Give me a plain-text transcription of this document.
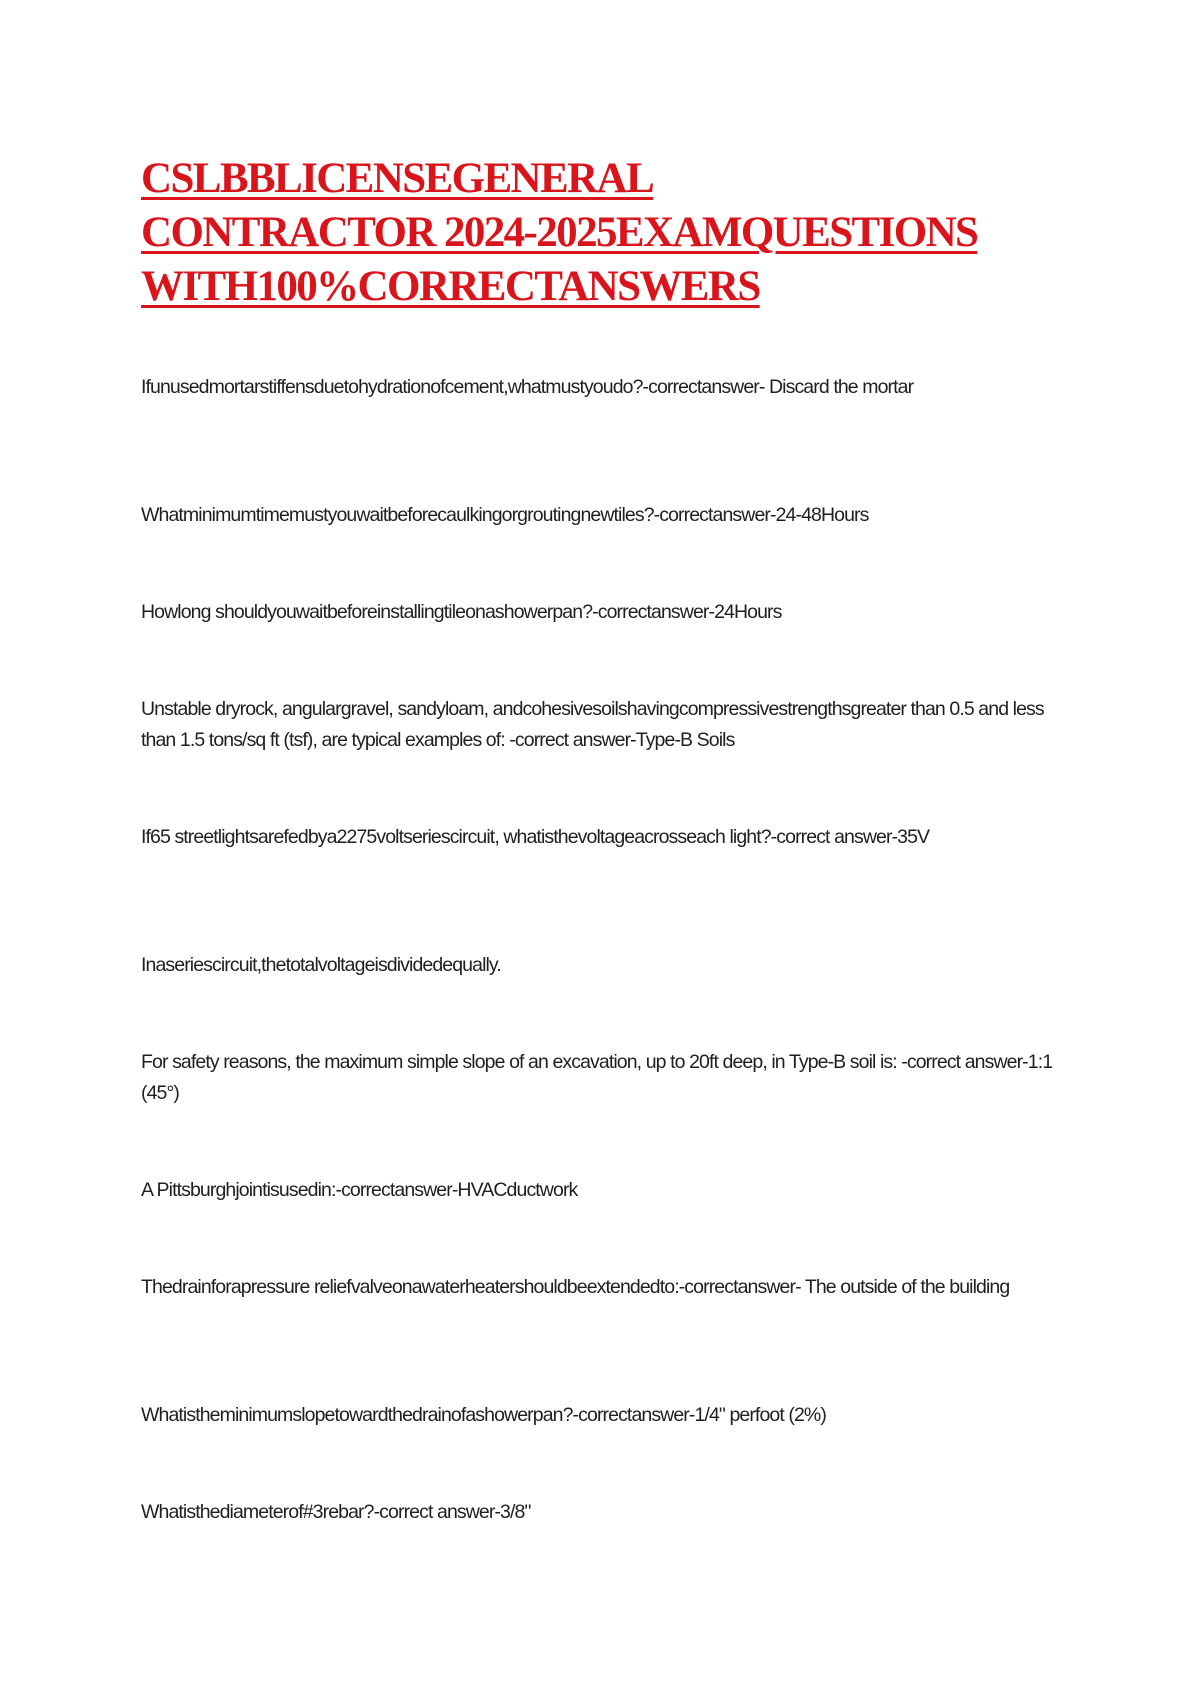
CSLBBLICENSEGENERAL
CONTRACTOR 2024-2025EXAMQUESTIONS
WITH100%CORRECTANSWERS
Ifunusedmortarstiffensduetohydrationofcement,whatmustyoudo?-correctanswer- Discard the mortar
Whatminimumtimemustyouwaitbeforecaulkingorgroutingnewtiles?-correctanswer-24-48Hours
Howlong shouldyouwaitbeforeinstallingtileonashowerpan?-correctanswer-24Hours
Unstable dryrock, angulargravel, sandyloam, andcohesivesoilshavingcompressivestrengthsgreater than 0.5 and less than 1.5 tons/sq ft (tsf), are typical examples of: -correct answer-Type-B Soils
If65 streetlightsarefedbya2275voltseriescircuit, whatisthevoltageacrosseach light?-correct answer-35V
Inaseriescircuit,thetotalvoltageisdividedequally.
For safety reasons, the maximum simple slope of an excavation, up to 20ft deep, in Type-B soil is: -correct answer-1:1 (45°)
A Pittsburghjointisusedin:-correctanswer-HVACductwork
Thedrainforapressure reliefvalveonawaterheatershouldbeextendedto:-correctanswer- The outside of the building
Whatistheminimumslopetowardthedrainofashowerpan?-correctanswer-1/4" perfoot (2%)
Whatisthediameterof#3rebar?-correct answer-3/8"
